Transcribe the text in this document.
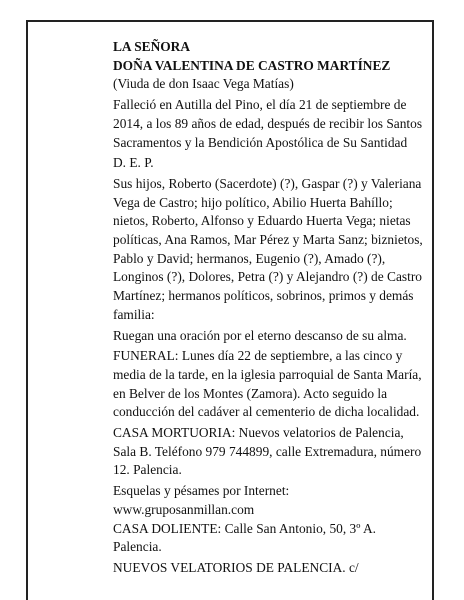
LA SEÑORA

DOÑA VALENTINA DE CASTRO MARTÍNEZ

(Viuda de don Isaac Vega Matías)

Falleció en Autilla del Pino, el día 21 de septiembre de 2014, a los 89 años de edad, después de recibir los Santos Sacramentos y la Bendición Apostólica de Su Santidad

D. E. P.

Sus hijos, Roberto (Sacerdote) (?), Gaspar (?) y Valeriana Vega de Castro; hijo político, Abilio Huerta Bahíllo; nietos, Roberto, Alfonso y Eduardo Huerta Vega; nietas políticas, Ana Ramos, Mar Pérez y Marta Sanz; biznietos, Pablo y David; hermanos, Eugenio (?), Amado (?), Longinos (?), Dolores, Petra (?) y Alejandro (?) de Castro Martínez; hermanos políticos, sobrinos, primos y demás familia:

Ruegan una oración por el eterno descanso de su alma.

FUNERAL: Lunes día 22 de septiembre, a las cinco y media de la tarde, en la iglesia parroquial de Santa María, en Belver de los Montes (Zamora). Acto seguido la conducción del cadáver al cementerio de dicha localidad.

CASA MORTUORIA: Nuevos velatorios de Palencia, Sala B. Teléfono 979 744899, calle Extremadura, número 12. Palencia.

Esquelas y pésames por Internet:

www.gruposanmillan.com

CASA DOLIENTE: Calle San Antonio, 50, 3º A. Palencia.

NUEVOS VELATORIOS DE PALENCIA. c/
